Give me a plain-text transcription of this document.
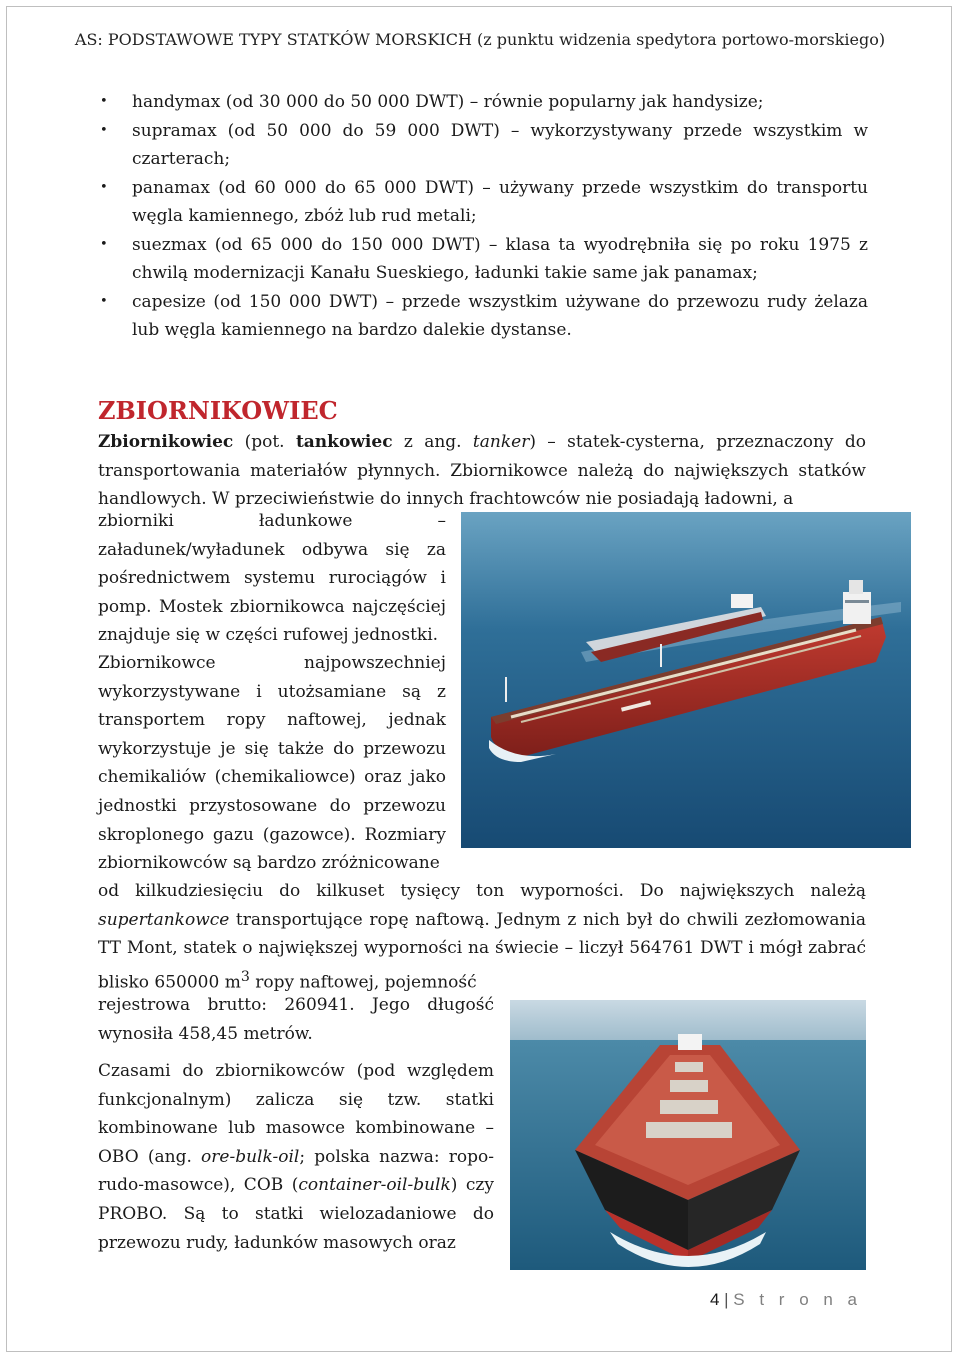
AS: PODSTAWOWE TYPY STATKÓW MORSKICH (z punktu widzenia spedytora portowo-morskiego)
• handymax (od 30 000 do 50 000 DWT) – równie popularny jak handysize;
• supramax (od 50 000 do 59 000 DWT) – wykorzystywany przede wszystkim w czarterach;
• panamax (od 60 000 do 65 000 DWT) – używany przede wszystkim do transportu węgla kamiennego, zbóż lub rud metali;
• suezmax (od 65 000 do 150 000 DWT) – klasa ta wyodrębniła się po roku 1975 z chwilą modernizacji Kanału Sueskiego, ładunki takie same jak panamax;
• capesize (od 150 000 DWT) – przede wszystkim używane do przewozu rudy żelaza lub węgla kamiennego na bardzo dalekie dystanse.
ZBIORNIKOWIEC

Zbiornikowiec (pot. tankowiec z ang. tanker) – statek-cysterna, przeznaczony do transportowania materiałów płynnych. Zbiornikowce należą do największych statków handlowych. W przeciwieństwie do innych frachtowców nie posiadają ładowni, a

zbiorniki ładunkowe – załadunek/wyładunek odbywa się za pośrednictwem systemu rurociągów i pomp. Mostek zbiornikowca najczęściej znajduje się w części rufowej jednostki.

Zbiornikowce najpowszechniej wykorzystywane i utożsamiane są z transportem ropy naftowej, jednak wykorzystuje je się także do przewozu chemikaliów (chemikaliowce) oraz jako jednostki przystosowane do przewozu skroplonego gazu (gazowce). Rozmiary zbiornikowców są bardzo zróżnicowane

od kilkudziesięciu do kilkuset tysięcy ton wyporności. Do największych należą supertankowce transportujące ropę naftową. Jednym z nich był do chwili zezłomowania TT Mont, statek o największej wyporności na świecie – liczył 564761 DWT i mógł zabrać blisko 650000 $m^3$ ropy naftowej, pojemność

rejestrowa brutto: 260941. Jego długość wynosiła 458,45 metrów.

Czasami do zbiornikowców (pod względem funkcjonalnym) zalicza się tzw. statki kombinowane lub masowce kombinowane – OBO (ang. ore-bulk-oil; polska nazwa: ropo-rudo-masowce), COB (container-oil-bulk) czy PROBO. Są to statki wielozadaniowe do przewozu rudy, ładunków masowych oraz

4 | S t r o n a
